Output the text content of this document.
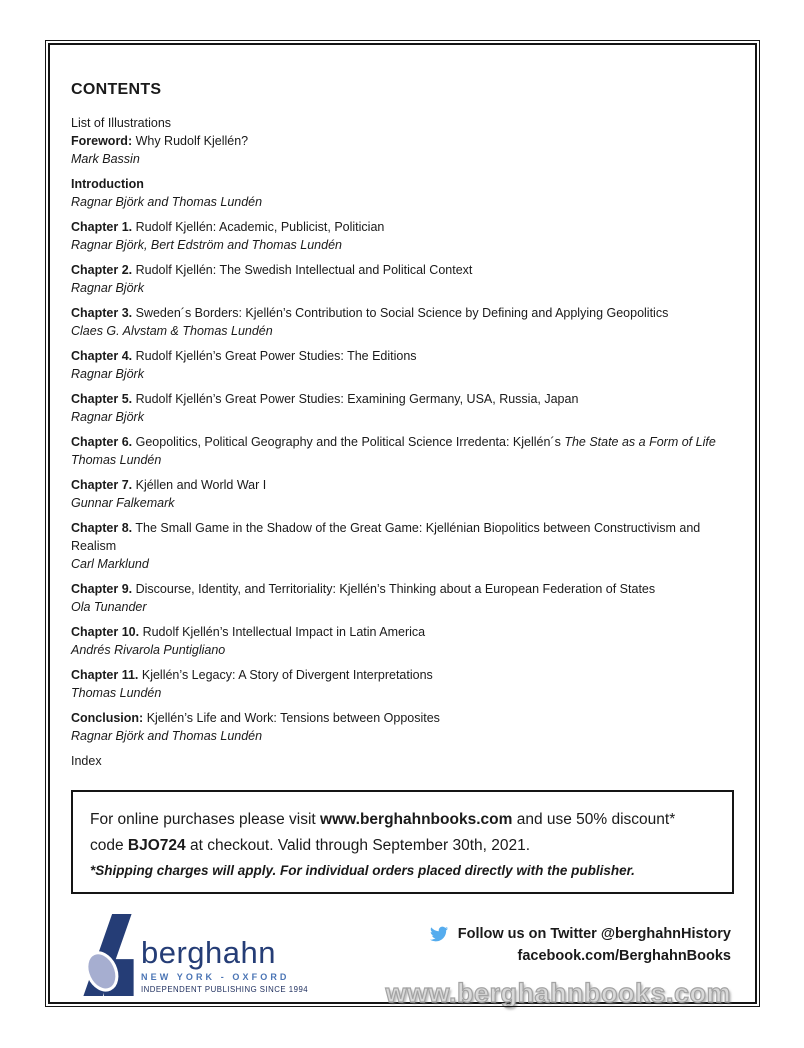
CONTENTS
List of Illustrations
Foreword: Why Rudolf Kjellén?
Mark Bassin
Introduction
Ragnar Björk and Thomas Lundén
Chapter 1. Rudolf Kjellén: Academic, Publicist, Politician
Ragnar Björk, Bert Edström and Thomas Lundén
Chapter 2. Rudolf Kjellén: The Swedish Intellectual and Political Context
Ragnar Björk
Chapter 3. Sweden´s Borders: Kjellén’s Contribution to Social Science by Defining and Applying Geopolitics
Claes G. Alvstam & Thomas Lundén
Chapter 4. Rudolf Kjellén’s Great Power Studies: The Editions
Ragnar Björk
Chapter 5. Rudolf Kjellén’s Great Power Studies: Examining Germany, USA, Russia, Japan
Ragnar Björk
Chapter 6. Geopolitics, Political Geography and the Political Science Irredenta: Kjellén´s The State as a Form of Life
Thomas Lundén
Chapter 7. Kjéllen and World War I
Gunnar Falkemark
Chapter 8. The Small Game in the Shadow of the Great Game: Kjellénian Biopolitics between Constructivism and Realism
Carl Marklund
Chapter 9. Discourse, Identity, and Territoriality: Kjellén’s Thinking about a European Federation of States
Ola Tunander
Chapter 10. Rudolf Kjellén’s Intellectual Impact in Latin America
Andrés Rivarola Puntigliano
Chapter 11. Kjellén’s Legacy: A Story of Divergent Interpretations
Thomas Lundén
Conclusion: Kjellén’s Life and Work: Tensions between Opposites
Ragnar Björk and Thomas Lundén
Index

For online purchases please visit www.berghahnbooks.com and use 50% discount*

code BJO724 at checkout. Valid through September 30th, 2021.

*Shipping charges will apply. For individual orders placed directly with the publisher.

berghahn
NEW YORK - OXFORD
INDEPENDENT PUBLISHING SINCE 1994
Follow us on Twitter @berghahnHistory
facebook.com/BerghahnBooks
www.berghahnbooks.com
